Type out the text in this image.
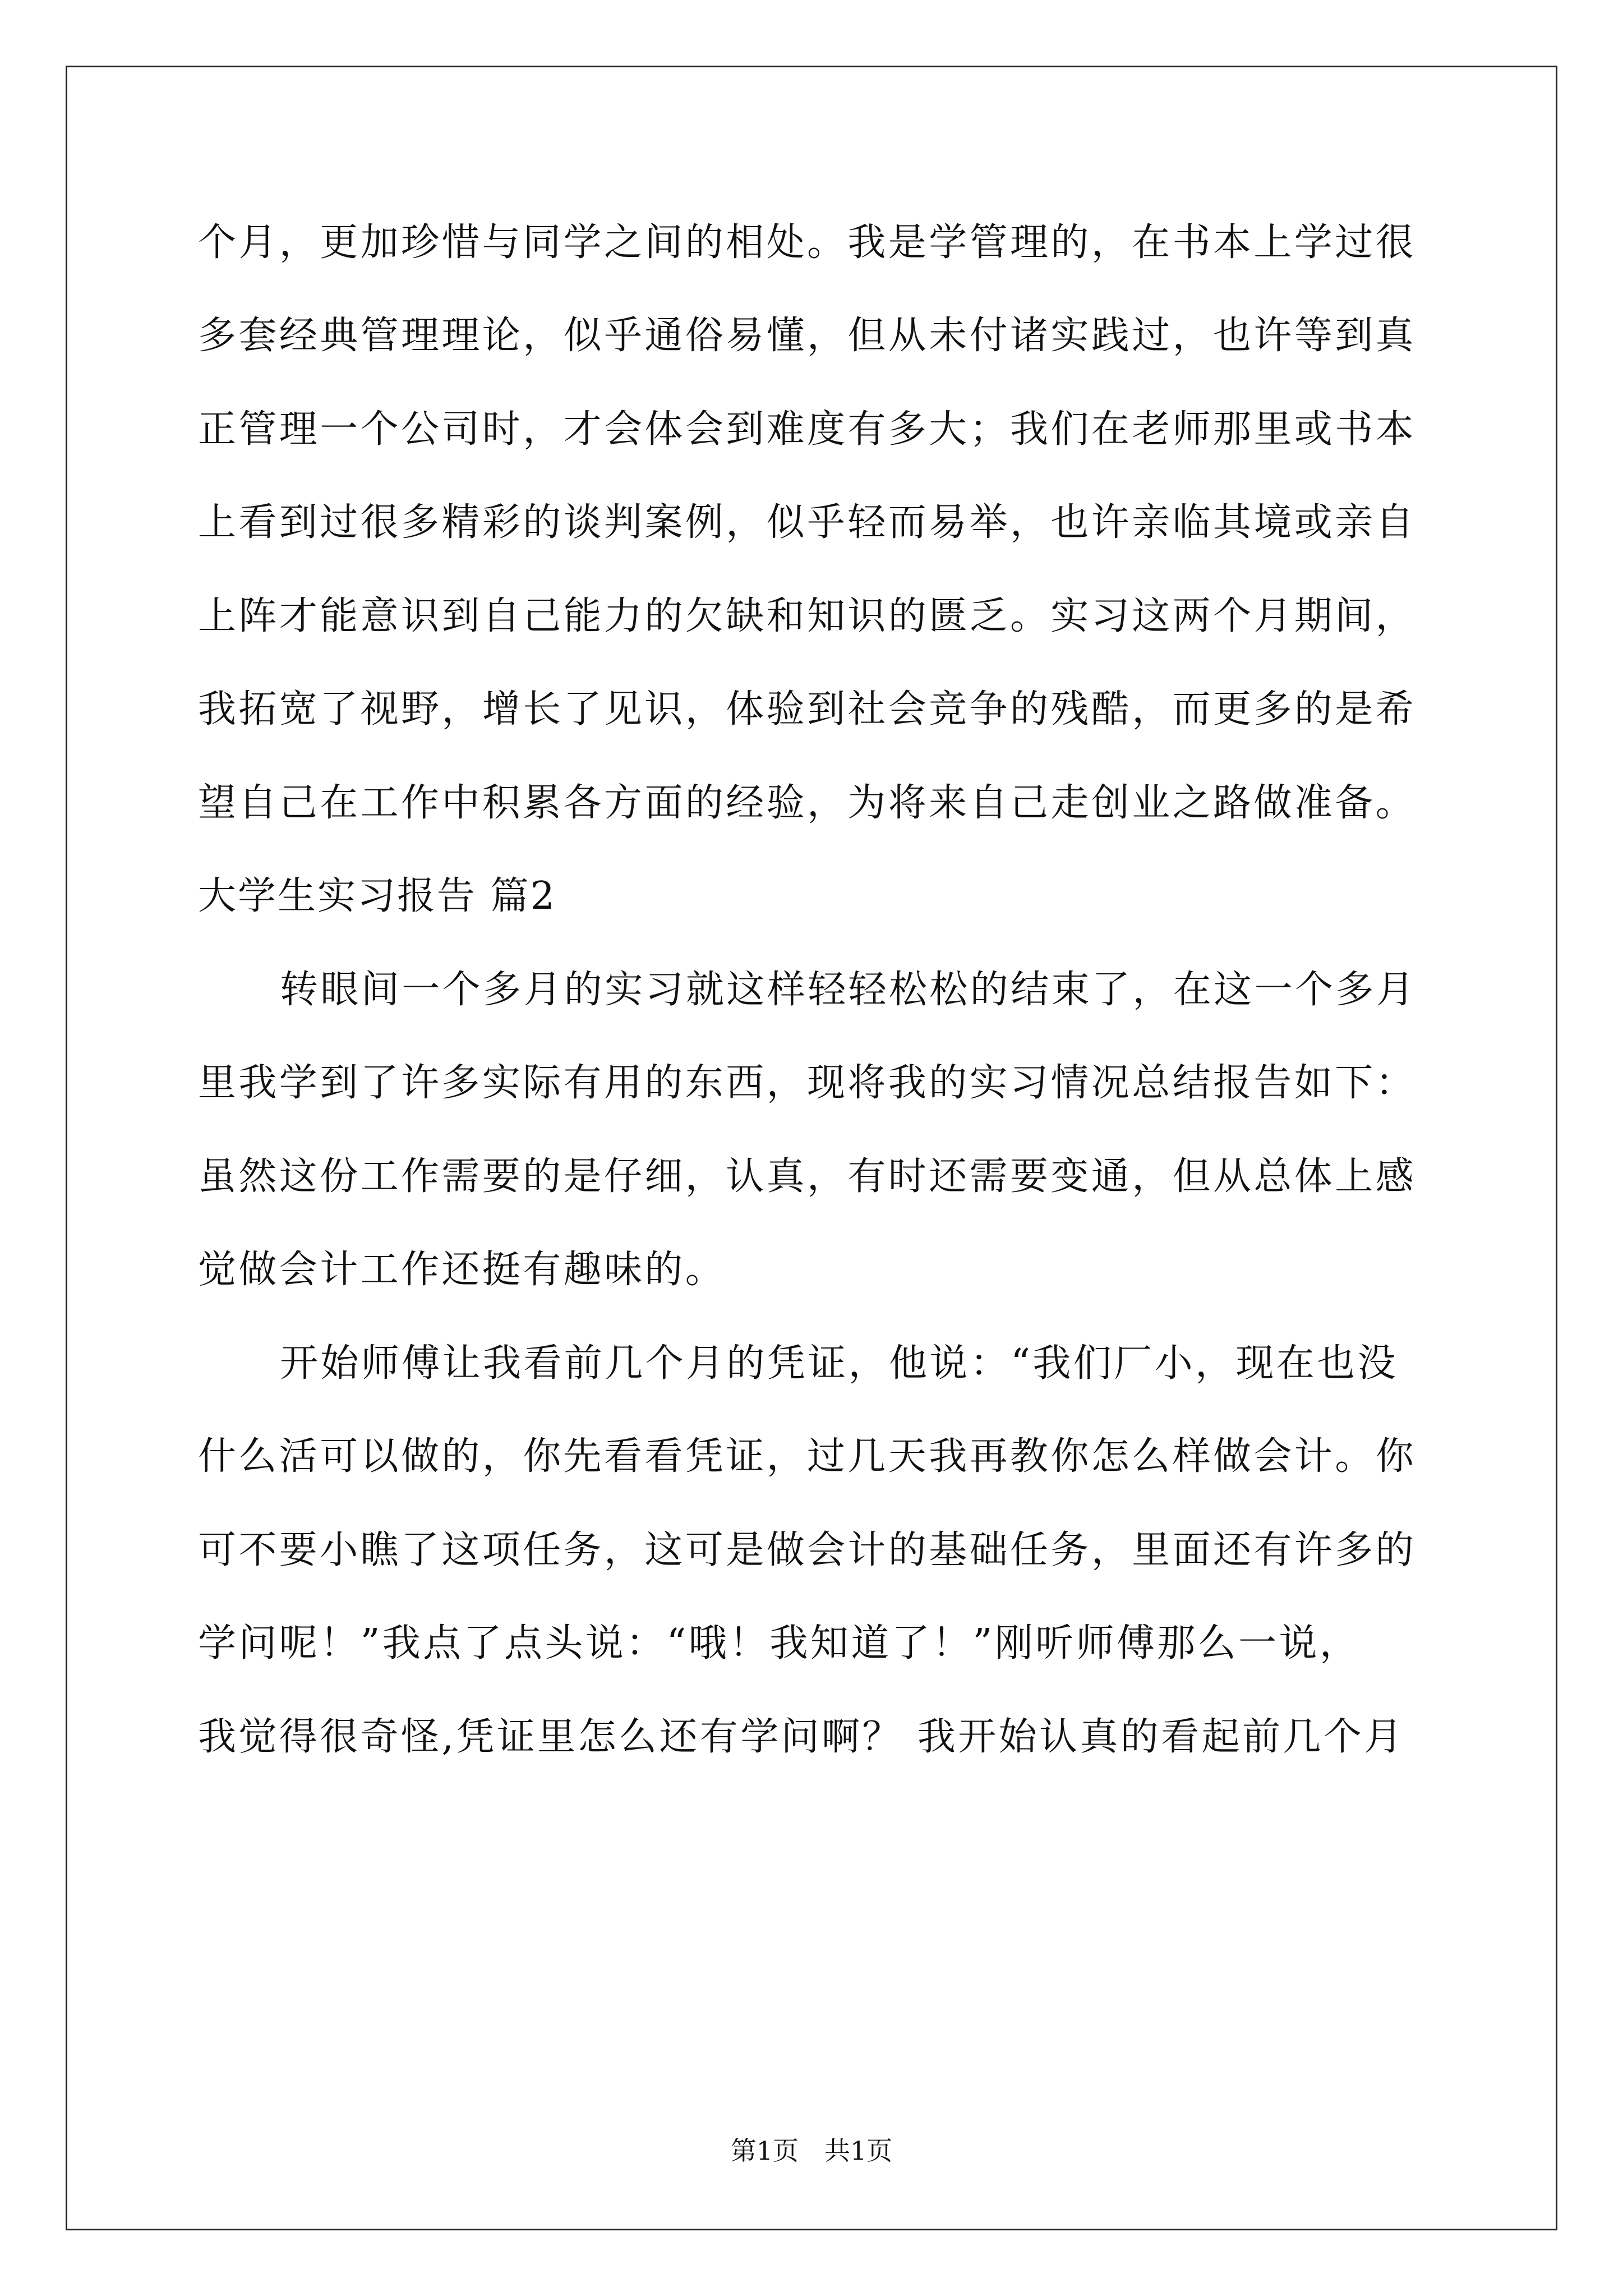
个月，更加珍惜与同学之间的相处。我是学管理的，在书本上学过很
多套经典管理理论，似乎通俗易懂，但从未付诸实践过，也许等到真
正管理一个公司时，才会体会到难度有多大；我们在老师那里或书本
上看到过很多精彩的谈判案例，似乎轻而易举，也许亲临其境或亲自
上阵才能意识到自己能力的欠缺和知识的匮乏。实习这两个月期间，
我拓宽了视野，增长了见识，体验到社会竞争的残酷，而更多的是希
望自己在工作中积累各方面的经验，为将来自己走创业之路做准备。
大学生实习报告 篇2
转眼间一个多月的实习就这样轻轻松松的结束了，在这一个多月
里我学到了许多实际有用的东西，现将我的实习情况总结报告如下：
虽然这份工作需要的是仔细，认真，有时还需要变通，但从总体上感
觉做会计工作还挺有趣味的。
开始师傅让我看前几个月的凭证，他说：“我们厂小，现在也没
什么活可以做的，你先看看凭证，过几天我再教你怎么样做会计。你
可不要小瞧了这项任务，这可是做会计的基础任务，里面还有许多的
学问呢！”我点了点头说：“哦！我知道了！”刚听师傅那么一说，
我觉得很奇怪,凭证里怎么还有学问啊？ 我开始认真的看起前几个月
第1页 共1页
